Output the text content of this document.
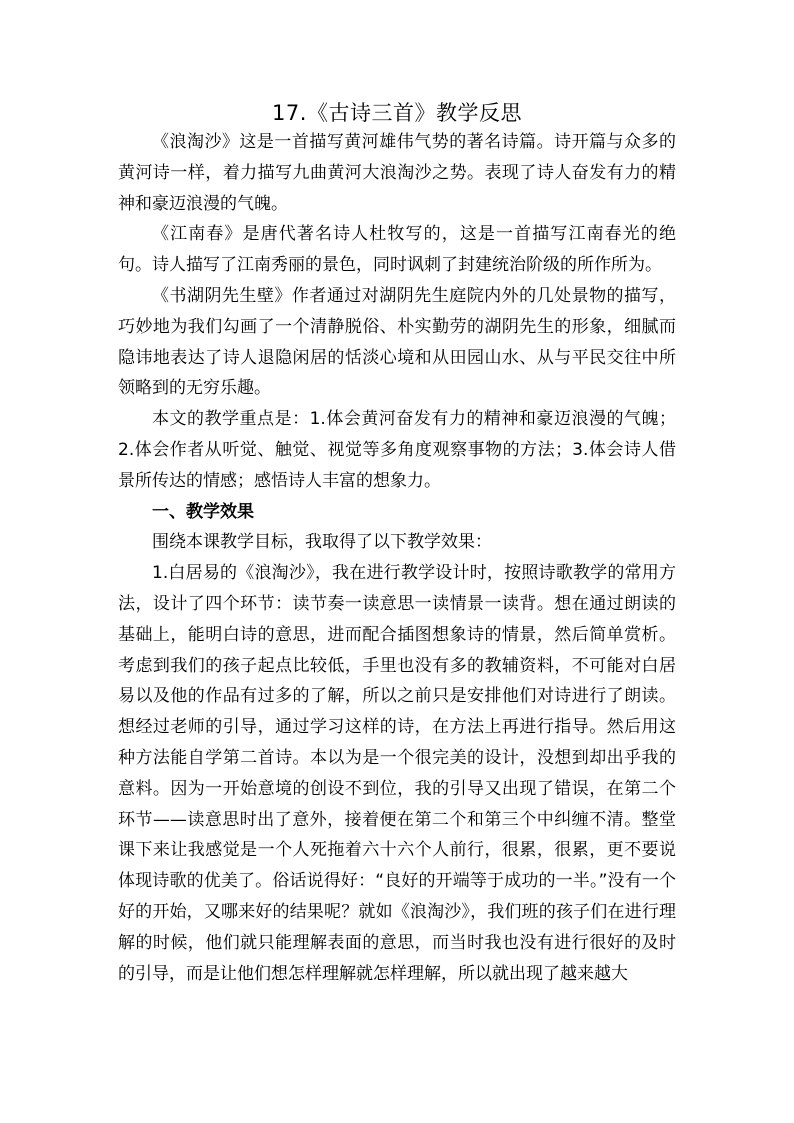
17.《古诗三首》教学反思

《浪淘沙》这是一首描写黄河雄伟气势的著名诗篇。诗开篇与众多的黄河诗一样，着力描写九曲黄河大浪淘沙之势。表现了诗人奋发有力的精神和豪迈浪漫的气魄。

《江南春》是唐代著名诗人杜牧写的，这是一首描写江南春光的绝句。诗人描写了江南秀丽的景色，同时讽刺了封建统治阶级的所作所为。

《书湖阴先生壁》作者通过对湖阴先生庭院内外的几处景物的描写，巧妙地为我们勾画了一个清静脱俗、朴实勤劳的湖阴先生的形象，细腻而隐讳地表达了诗人退隐闲居的恬淡心境和从田园山水、从与平民交往中所领略到的无穷乐趣。

本文的教学重点是：1.体会黄河奋发有力的精神和豪迈浪漫的气魄；2.体会作者从听觉、触觉、视觉等多角度观察事物的方法；3.体会诗人借景所传达的情感；感悟诗人丰富的想象力。

一、教学效果

围绕本课教学目标，我取得了以下教学效果：

1.白居易的《浪淘沙》，我在进行教学设计时，按照诗歌教学的常用方法，设计了四个环节：读节奏一读意思一读情景一读背。想在通过朗读的基础上，能明白诗的意思，进而配合插图想象诗的情景，然后简单赏析。考虑到我们的孩子起点比较低，手里也没有多的教辅资料，不可能对白居易以及他的作品有过多的了解，所以之前只是安排他们对诗进行了朗读。想经过老师的引导，通过学习这样的诗，在方法上再进行指导。然后用这种方法能自学第二首诗。本以为是一个很完美的设计，没想到却出乎我的意料。因为一开始意境的创设不到位，我的引导又出现了错误，在第二个环节——读意思时出了意外，接着便在第二个和第三个中纠缠不清。整堂课下来让我感觉是一个人死拖着六十六个人前行，很累，很累，更不要说体现诗歌的优美了。俗话说得好：“良好的开端等于成功的一半。”没有一个好的开始，又哪来好的结果呢？就如《浪淘沙》，我们班的孩子们在进行理解的时候，他们就只能理解表面的意思，而当时我也没有进行很好的及时的引导，而是让他们想怎样理解就怎样理解，所以就出现了越来越大
